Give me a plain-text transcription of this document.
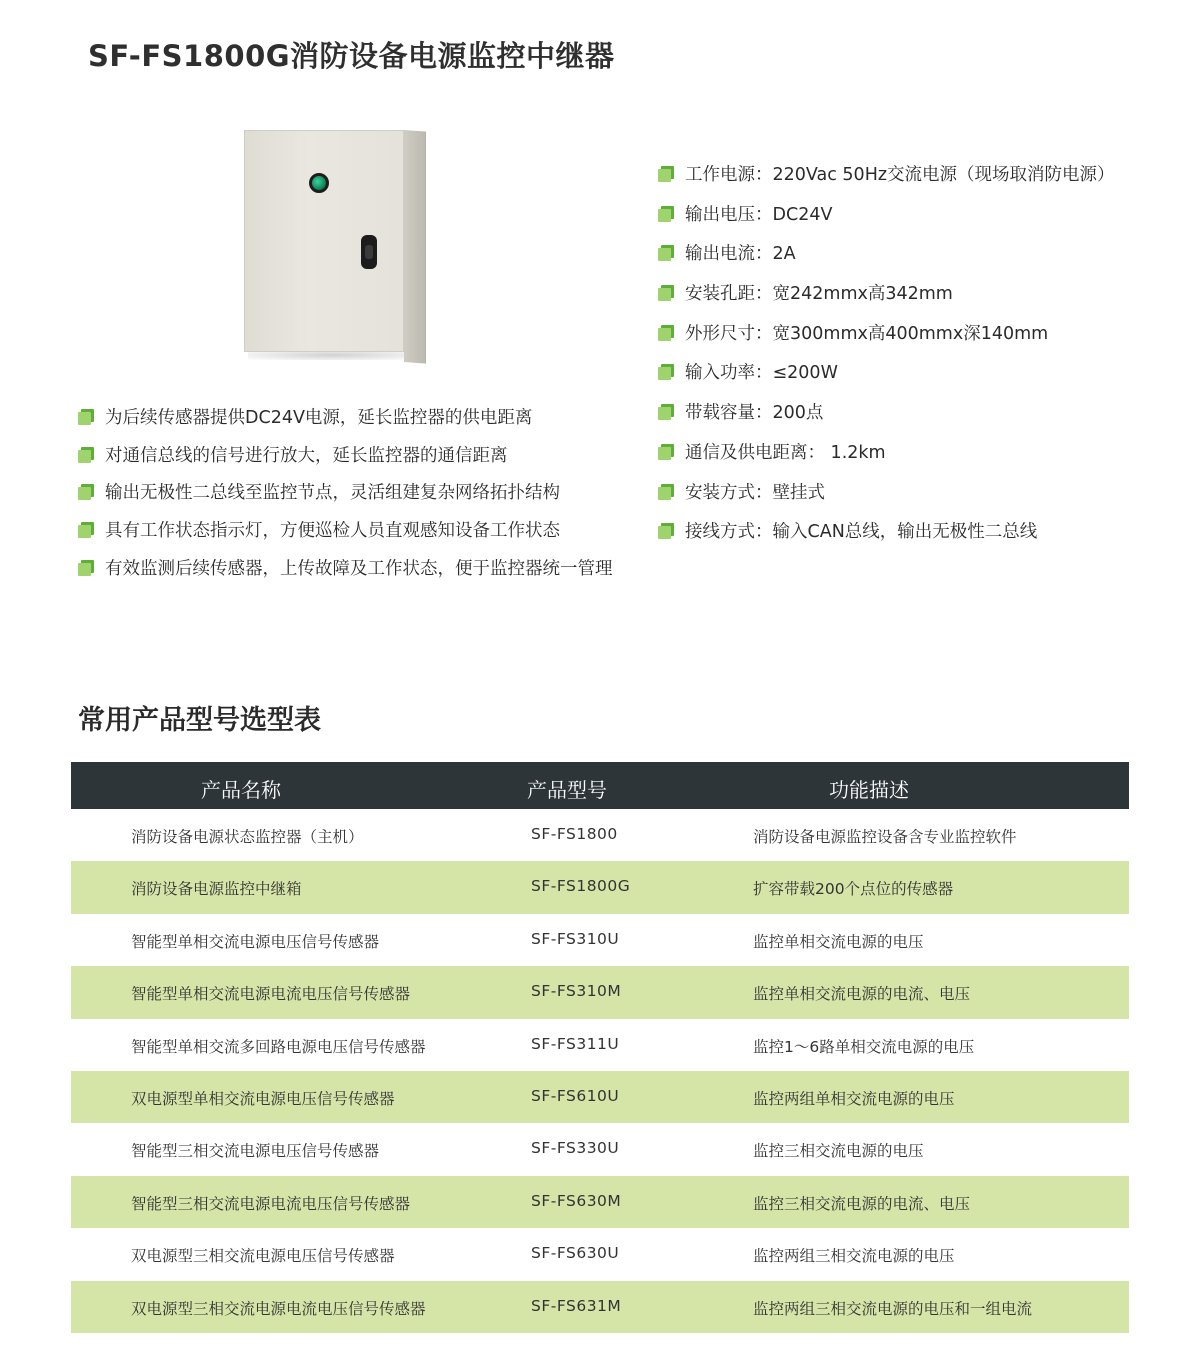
SF-FS1800G消防设备电源监控中继器
工作电源：220Vac 50Hz交流电源（现场取消防电源）
输出电压：DC24V
输出电流：2A
安装孔距：宽242mmx高342mm
外形尺寸：宽300mmx高400mmx深140mm
输入功率：≤200W
带载容量：200点
通信及供电距离： 1.2km
安装方式：壁挂式
接线方式：输入CAN总线，输出无极性二总线
为后续传感器提供DC24V电源，延长监控器的供电距离
对通信总线的信号进行放大，延长监控器的通信距离
输出无极性二总线至监控节点，灵活组建复杂网络拓扑结构
具有工作状态指示灯，方便巡检人员直观感知设备工作状态
有效监测后续传感器，上传故障及工作状态，便于监控器统一管理
常用产品型号选型表
产品名称	产品型号	功能描述
消防设备电源状态监控器（主机）	SF-FS1800	消防设备电源监控设备含专业监控软件
消防设备电源监控中继箱	SF-FS1800G	扩容带载200个点位的传感器
智能型单相交流电源电压信号传感器	SF-FS310U	监控单相交流电源的电压
智能型单相交流电源电流电压信号传感器	SF-FS310M	监控单相交流电源的电流、电压
智能型单相交流多回路电源电压信号传感器	SF-FS311U	监控1～6路单相交流电源的电压
双电源型单相交流电源电压信号传感器	SF-FS610U	监控两组单相交流电源的电压
智能型三相交流电源电压信号传感器	SF-FS330U	监控三相交流电源的电压
智能型三相交流电源电流电压信号传感器	SF-FS630M	监控三相交流电源的电流、电压
双电源型三相交流电源电压信号传感器	SF-FS630U	监控两组三相交流电源的电压
双电源型三相交流电源电流电压信号传感器	SF-FS631M	监控两组三相交流电源的电压和一组电流
